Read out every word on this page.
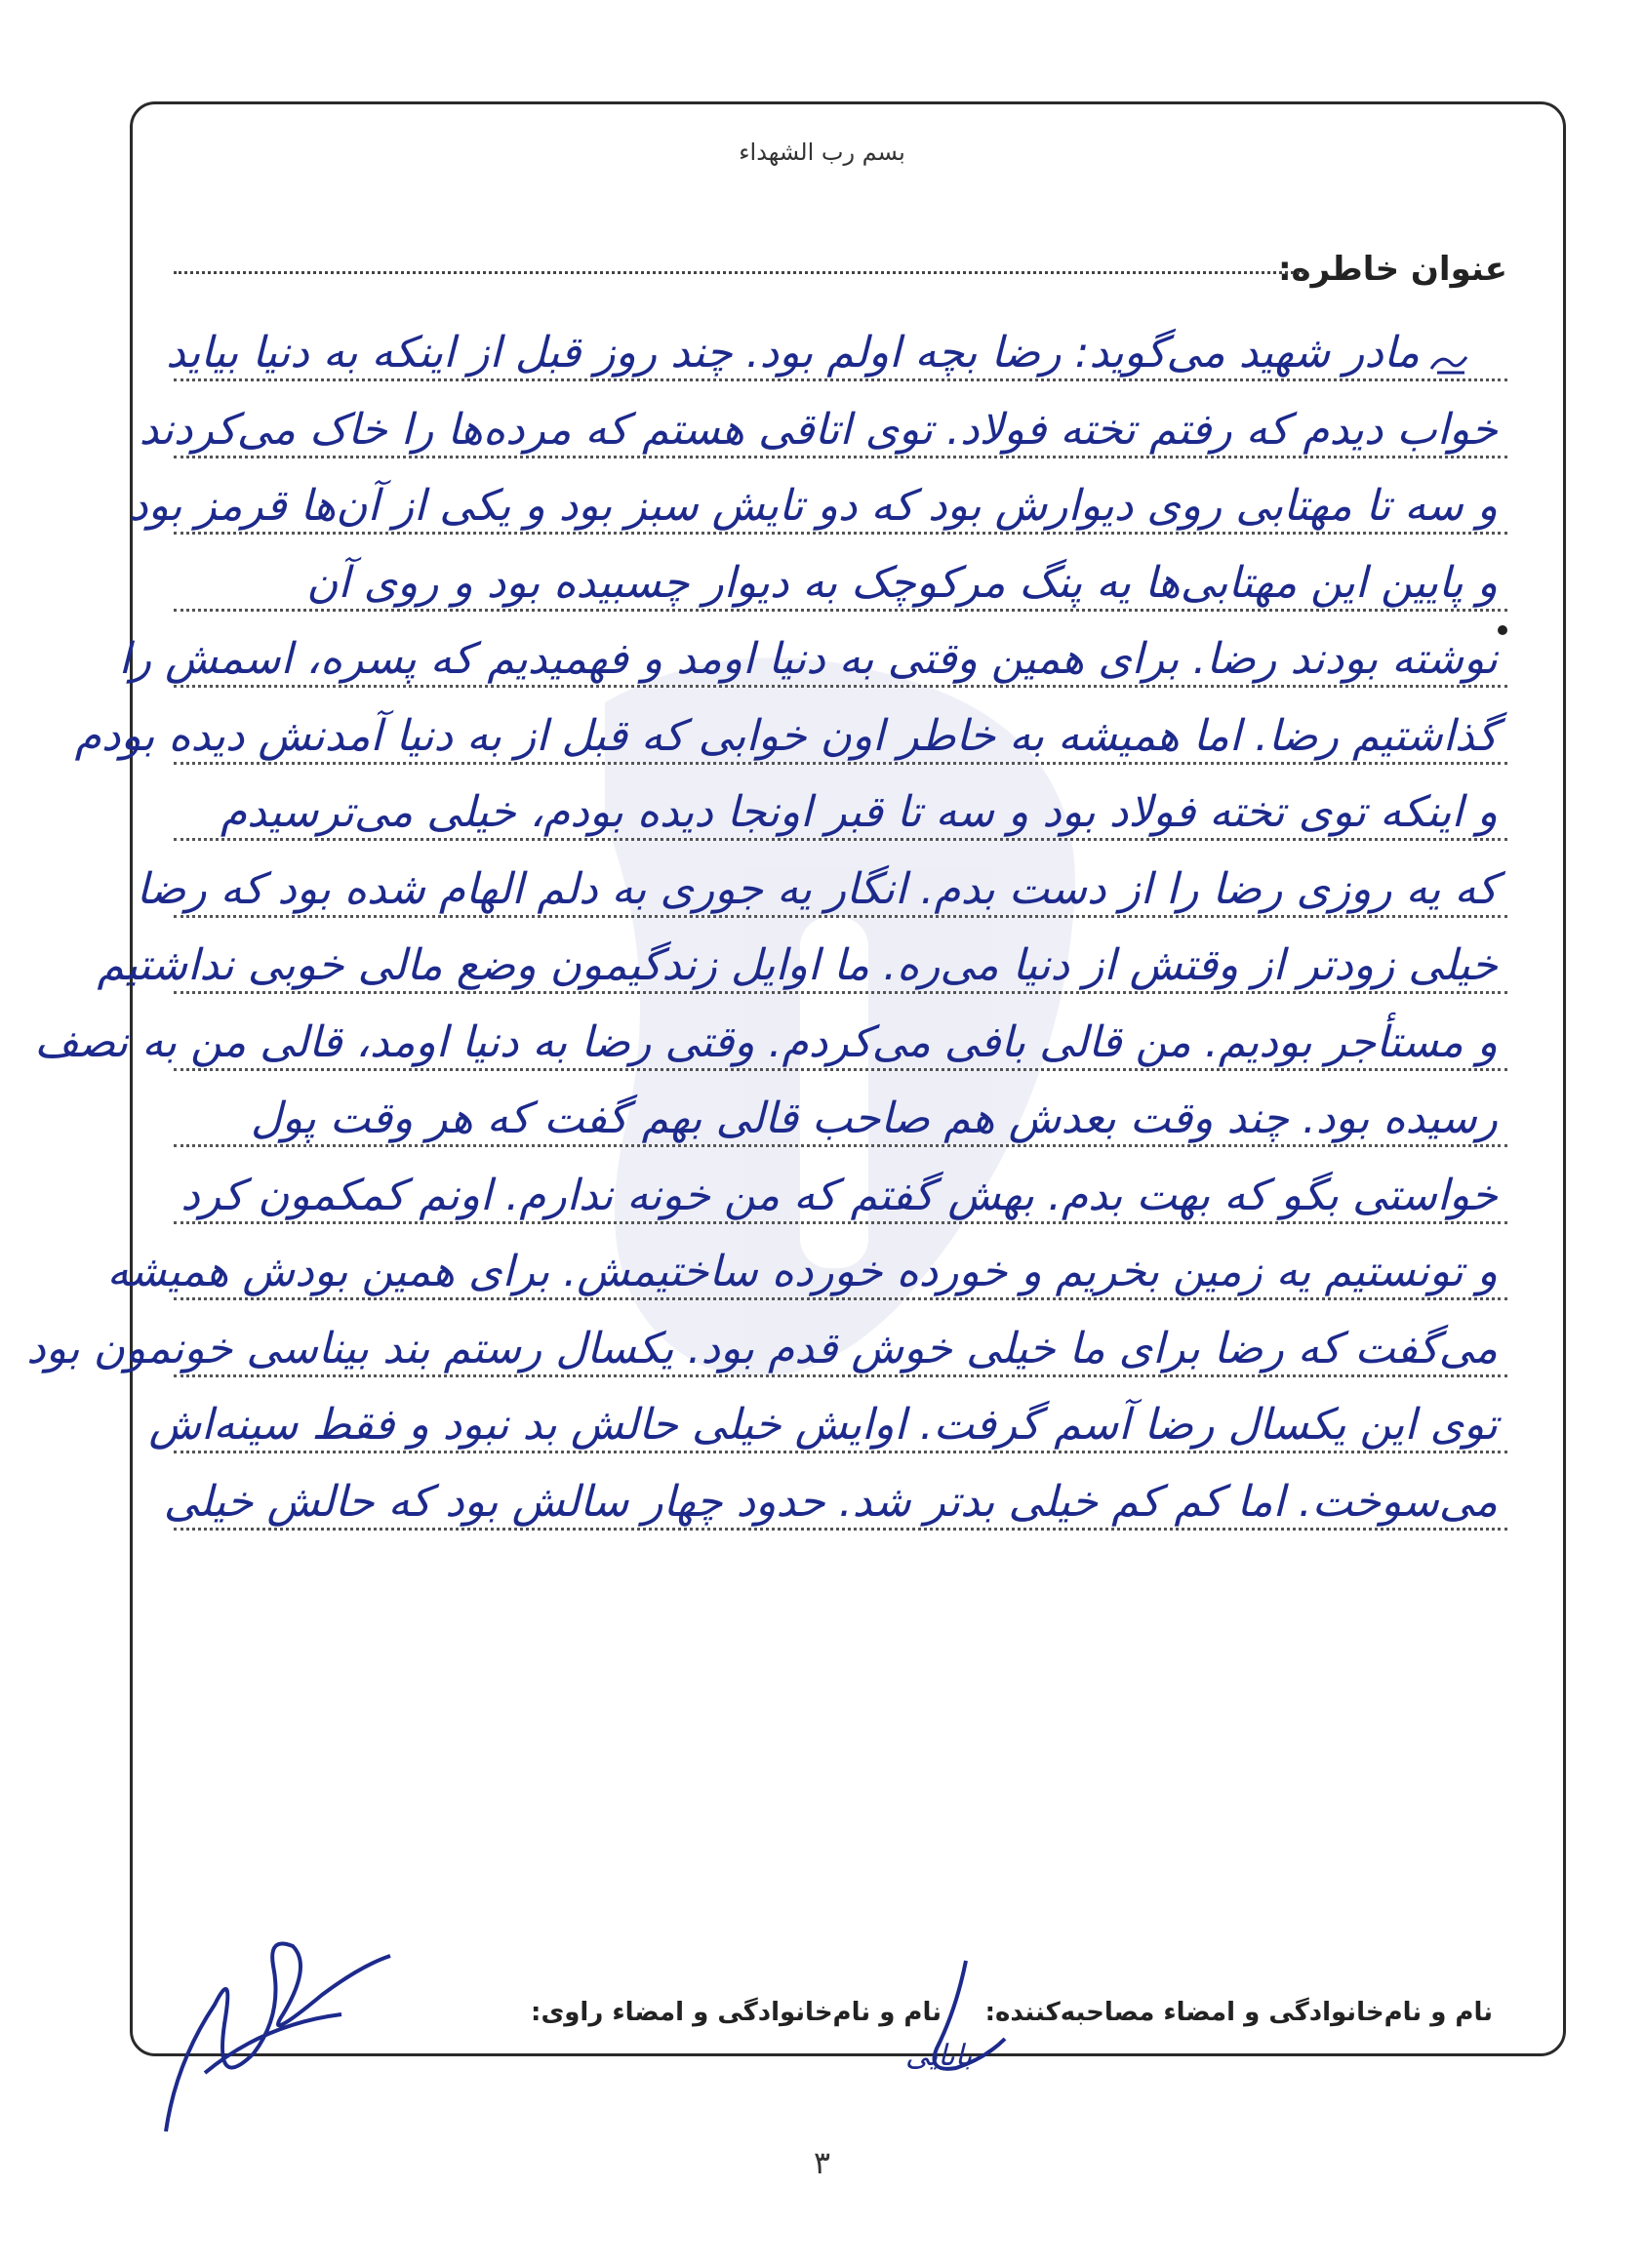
بسم رب الشهداء
عنوان خاطره:
مادر شهید می‌گوید: رضا بچه اولم بود. چند روز قبل از اینکه به دنیا بیاید
خواب دیدم که رفتم تخته فولاد. توی اتاقی هستم که مرده‌ها را خاک می‌کردند
و سه تا مهتابی روی دیوارش بود که دو تایش سبز بود و یکی از آن‌ها قرمز بود
و پایین این مهتابی‌ها یه پنگ مرکوچک به دیوار چسبیده بود و روی آن
نوشته بودند رضا. برای همین وقتی به دنیا اومد و فهمیدیم که پسره، اسمش را
گذاشتیم رضا. اما همیشه به خاطر اون خوابی که قبل از به دنیا آمدنش دیده بودم
و اینکه توی تخته فولاد بود و سه تا قبر اونجا دیده بودم، خیلی می‌ترسیدم
که یه روزی رضا را از دست بدم. انگار یه جوری به دلم الهام شده بود که رضا
خیلی زودتر از وقتش از دنیا می‌ره. ما اوایل زندگیمون وضع مالی خوبی نداشتیم
و مستأجر بودیم. من قالی بافی می‌کردم. وقتی رضا به دنیا اومد، قالی من به نصف
رسیده بود. چند وقت بعدش هم صاحب قالی بهم گفت که هر وقت پول
خواستی بگو که بهت بدم. بهش گفتم که من خونه ندارم. اونم کمکمون کرد
و تونستیم یه زمین بخریم و خورده خورده ساختیمش. برای همین بودش همیشه
می‌گفت که رضا برای ما خیلی خوش قدم بود. یکسال رستم بند بیناسی خونمون بود
توی این یکسال رضا آسم گرفت. اوایش خیلی حالش بد نبود و فقط سینه‌اش
می‌سوخت. اما کم کم خیلی بدتر شد. حدود چهار سالش بود که حالش خیلی
نام و نام‌خانوادگی و امضاء مصاحبه‌کننده:
نام و نام‌خانوادگی و امضاء راوی:
بابایی
۳
